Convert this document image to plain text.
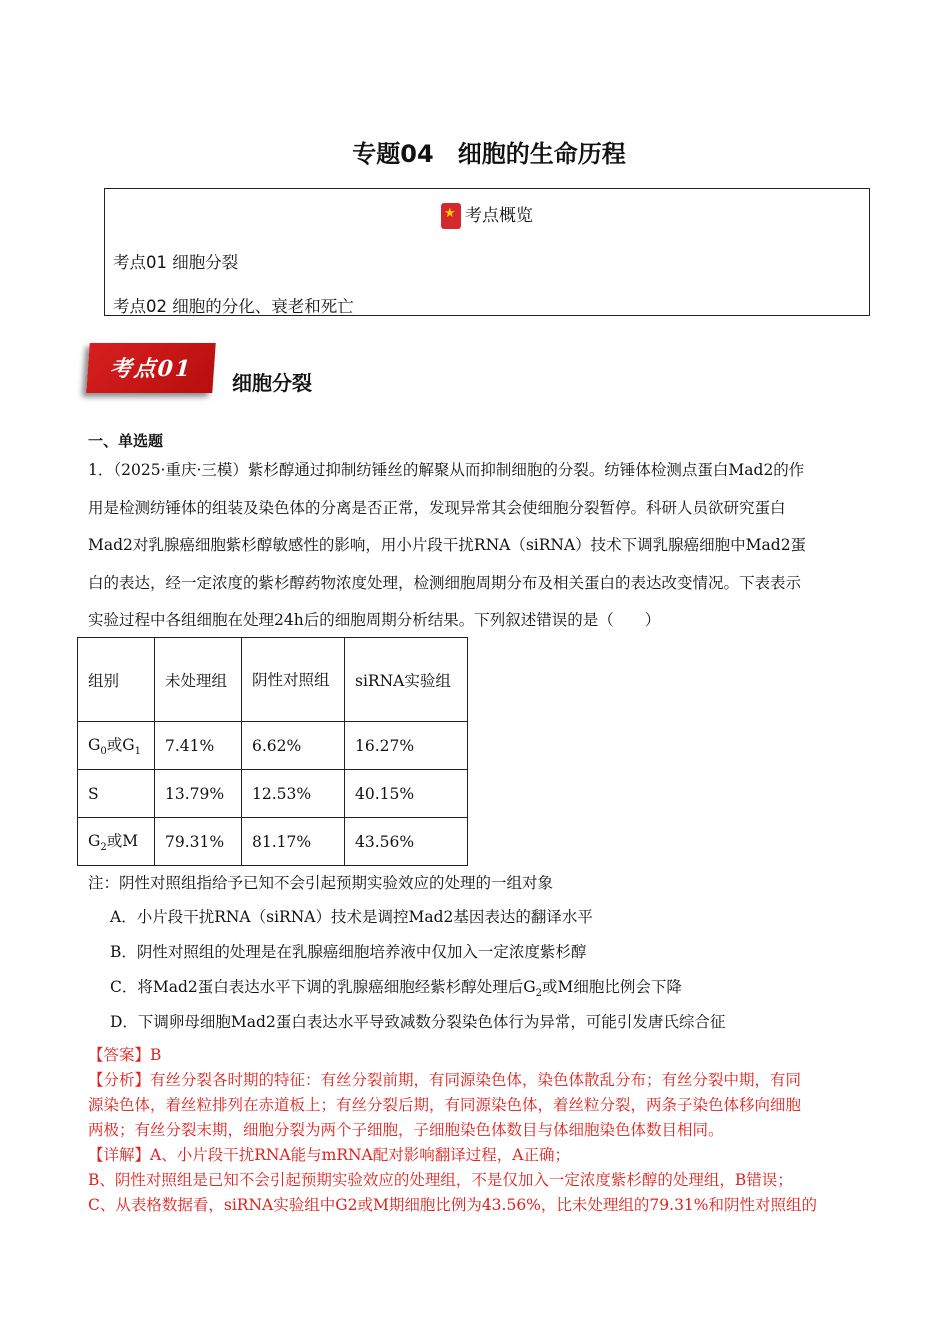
专题04　细胞的生命历程
★考点概览
考点01 细胞分裂
考点02 细胞的分化、衰老和死亡
考点01
细胞分裂
一、单选题
1．（2025·重庆·三模）紫杉醇通过抑制纺锤丝的解聚从而抑制细胞的分裂。纺锤体检测点蛋白Mad2的作
用是检测纺锤体的组装及染色体的分离是否正常，发现异常其会使细胞分裂暂停。科研人员欲研究蛋白
Mad2对乳腺癌细胞紫杉醇敏感性的影响，用小片段干扰RNA（siRNA）技术下调乳腺癌细胞中Mad2蛋
白的表达，经一定浓度的紫杉醇药物浓度处理，检测细胞周期分布及相关蛋白的表达改变情况。下表表示
实验过程中各组细胞在处理24h后的细胞周期分析结果。下列叙述错误的是（　　）
组别	未处理组	阴性对照组	siRNA实验组
$G_0$或$G_1$	7.41%	6.62%	16.27%
S	13.79%	12.53%	40.15%
$G_2$或M	79.31%	81.17%	43.56%
注：阴性对照组指给予已知不会引起预期实验效应的处理的一组对象
A．小片段干扰RNA（siRNA）技术是调控Mad2基因表达的翻译水平
B．阴性对照组的处理是在乳腺癌细胞培养液中仅加入一定浓度紫杉醇
C．将Mad2蛋白表达水平下调的乳腺癌细胞经紫杉醇处理后$G_2$或M细胞比例会下降
D．下调卵母细胞Mad2蛋白表达水平导致减数分裂染色体行为异常，可能引发唐氏综合征
【答案】B
【分析】有丝分裂各时期的特征：有丝分裂前期，有同源染色体，染色体散乱分布；有丝分裂中期，有同
源染色体，着丝粒排列在赤道板上；有丝分裂后期，有同源染色体，着丝粒分裂，两条子染色体移向细胞
两极；有丝分裂末期，细胞分裂为两个子细胞，子细胞染色体数目与体细胞染色体数目相同。
【详解】A、小片段干扰RNA能与mRNA配对影响翻译过程，A正确；
B、阴性对照组是已知不会引起预期实验效应的处理组，不是仅加入一定浓度紫杉醇的处理组，B错误；
C、从表格数据看，siRNA实验组中G2或M期细胞比例为43.56%，比未处理组的79.31%和阴性对照组的
